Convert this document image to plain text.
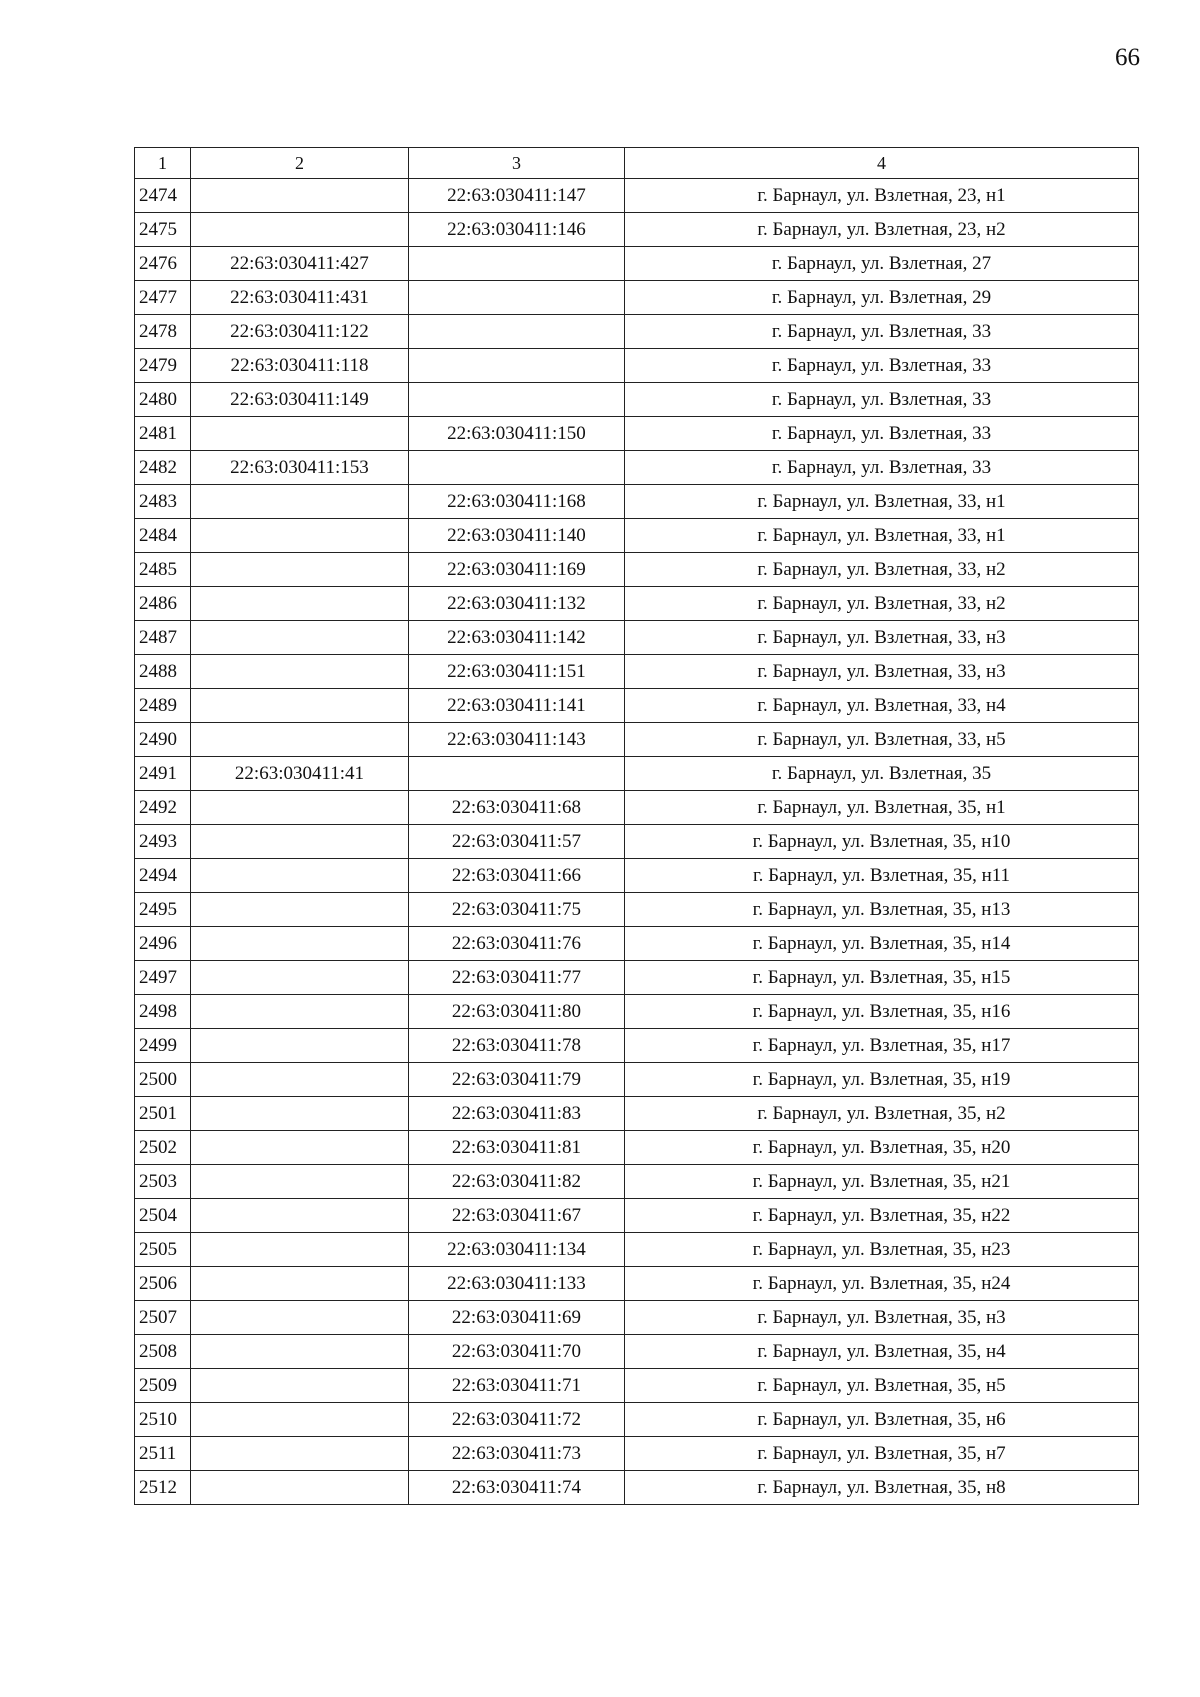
66
1	2	3	4
2474		22:63:030411:147	г. Барнаул, ул. Взлетная, 23, н1
2475		22:63:030411:146	г. Барнаул, ул. Взлетная, 23, н2
2476	22:63:030411:427		г. Барнаул, ул. Взлетная, 27
2477	22:63:030411:431		г. Барнаул, ул. Взлетная, 29
2478	22:63:030411:122		г. Барнаул, ул. Взлетная, 33
2479	22:63:030411:118		г. Барнаул, ул. Взлетная, 33
2480	22:63:030411:149		г. Барнаул, ул. Взлетная, 33
2481		22:63:030411:150	г. Барнаул, ул. Взлетная, 33
2482	22:63:030411:153		г. Барнаул, ул. Взлетная, 33
2483		22:63:030411:168	г. Барнаул, ул. Взлетная, 33, н1
2484		22:63:030411:140	г. Барнаул, ул. Взлетная, 33, н1
2485		22:63:030411:169	г. Барнаул, ул. Взлетная, 33, н2
2486		22:63:030411:132	г. Барнаул, ул. Взлетная, 33, н2
2487		22:63:030411:142	г. Барнаул, ул. Взлетная, 33, н3
2488		22:63:030411:151	г. Барнаул, ул. Взлетная, 33, н3
2489		22:63:030411:141	г. Барнаул, ул. Взлетная, 33, н4
2490		22:63:030411:143	г. Барнаул, ул. Взлетная, 33, н5
2491	22:63:030411:41		г. Барнаул, ул. Взлетная, 35
2492		22:63:030411:68	г. Барнаул, ул. Взлетная, 35, н1
2493		22:63:030411:57	г. Барнаул, ул. Взлетная, 35, н10
2494		22:63:030411:66	г. Барнаул, ул. Взлетная, 35, н11
2495		22:63:030411:75	г. Барнаул, ул. Взлетная, 35, н13
2496		22:63:030411:76	г. Барнаул, ул. Взлетная, 35, н14
2497		22:63:030411:77	г. Барнаул, ул. Взлетная, 35, н15
2498		22:63:030411:80	г. Барнаул, ул. Взлетная, 35, н16
2499		22:63:030411:78	г. Барнаул, ул. Взлетная, 35, н17
2500		22:63:030411:79	г. Барнаул, ул. Взлетная, 35, н19
2501		22:63:030411:83	г. Барнаул, ул. Взлетная, 35, н2
2502		22:63:030411:81	г. Барнаул, ул. Взлетная, 35, н20
2503		22:63:030411:82	г. Барнаул, ул. Взлетная, 35, н21
2504		22:63:030411:67	г. Барнаул, ул. Взлетная, 35, н22
2505		22:63:030411:134	г. Барнаул, ул. Взлетная, 35, н23
2506		22:63:030411:133	г. Барнаул, ул. Взлетная, 35, н24
2507		22:63:030411:69	г. Барнаул, ул. Взлетная, 35, н3
2508		22:63:030411:70	г. Барнаул, ул. Взлетная, 35, н4
2509		22:63:030411:71	г. Барнаул, ул. Взлетная, 35, н5
2510		22:63:030411:72	г. Барнаул, ул. Взлетная, 35, н6
2511		22:63:030411:73	г. Барнаул, ул. Взлетная, 35, н7
2512		22:63:030411:74	г. Барнаул, ул. Взлетная, 35, н8
